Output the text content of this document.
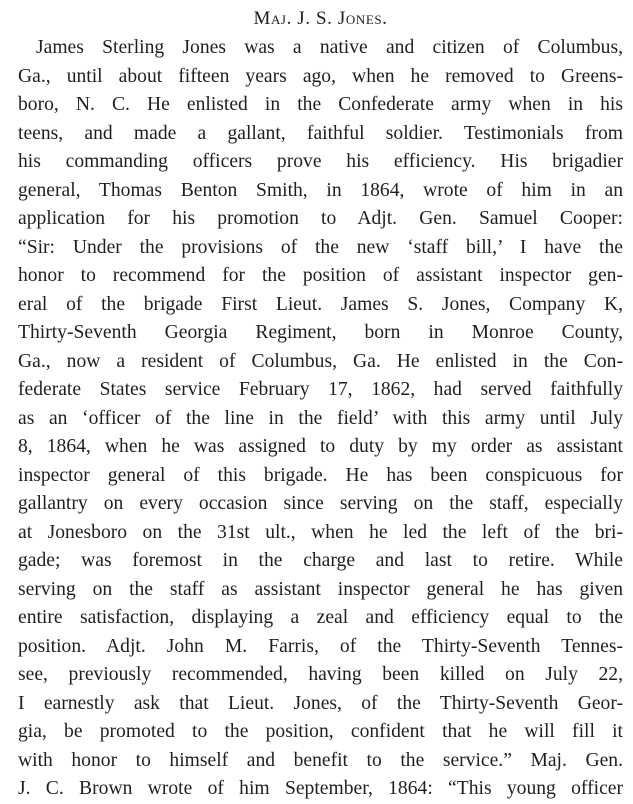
Maj. J. S. Jones.
James Sterling Jones was a native and citizen of Columbus,
Ga., until about fifteen years ago, when he removed to Greens-
boro, N. C. He enlisted in the Confederate army when in his
teens, and made a gallant, faithful soldier. Testimonials from
his commanding officers prove his efficiency. His brigadier
general, Thomas Benton Smith, in 1864, wrote of him in an
application for his promotion to Adjt. Gen. Samuel Cooper:
“Sir: Under the provisions of the new ‘staff bill,’ I have the
honor to recommend for the position of assistant inspector gen-
eral of the brigade First Lieut. James S. Jones, Company K,
Thirty-Seventh Georgia Regiment, born in Monroe County,
Ga., now a resident of Columbus, Ga. He enlisted in the Con-
federate States service February 17, 1862, had served faithfully
as an ‘officer of the line in the field’ with this army until July
8, 1864, when he was assigned to duty by my order as assistant
inspector general of this brigade. He has been conspicuous for
gallantry on every occasion since serving on the staff, especially
at Jonesboro on the 31st ult., when he led the left of the bri-
gade; was foremost in the charge and last to retire. While
serving on the staff as assistant inspector general he has given
entire satisfaction, displaying a zeal and efficiency equal to the
position. Adjt. John M. Farris, of the Thirty-Seventh Tennes-
see, previously recommended, having been killed on July 22,
I earnestly ask that Lieut. Jones, of the Thirty-Seventh Geor-
gia, be promoted to the position, confident that he will fill it
with honor to himself and benefit to the service.” Maj. Gen.
J. C. Brown wrote of him September, 1864: “This young officer
